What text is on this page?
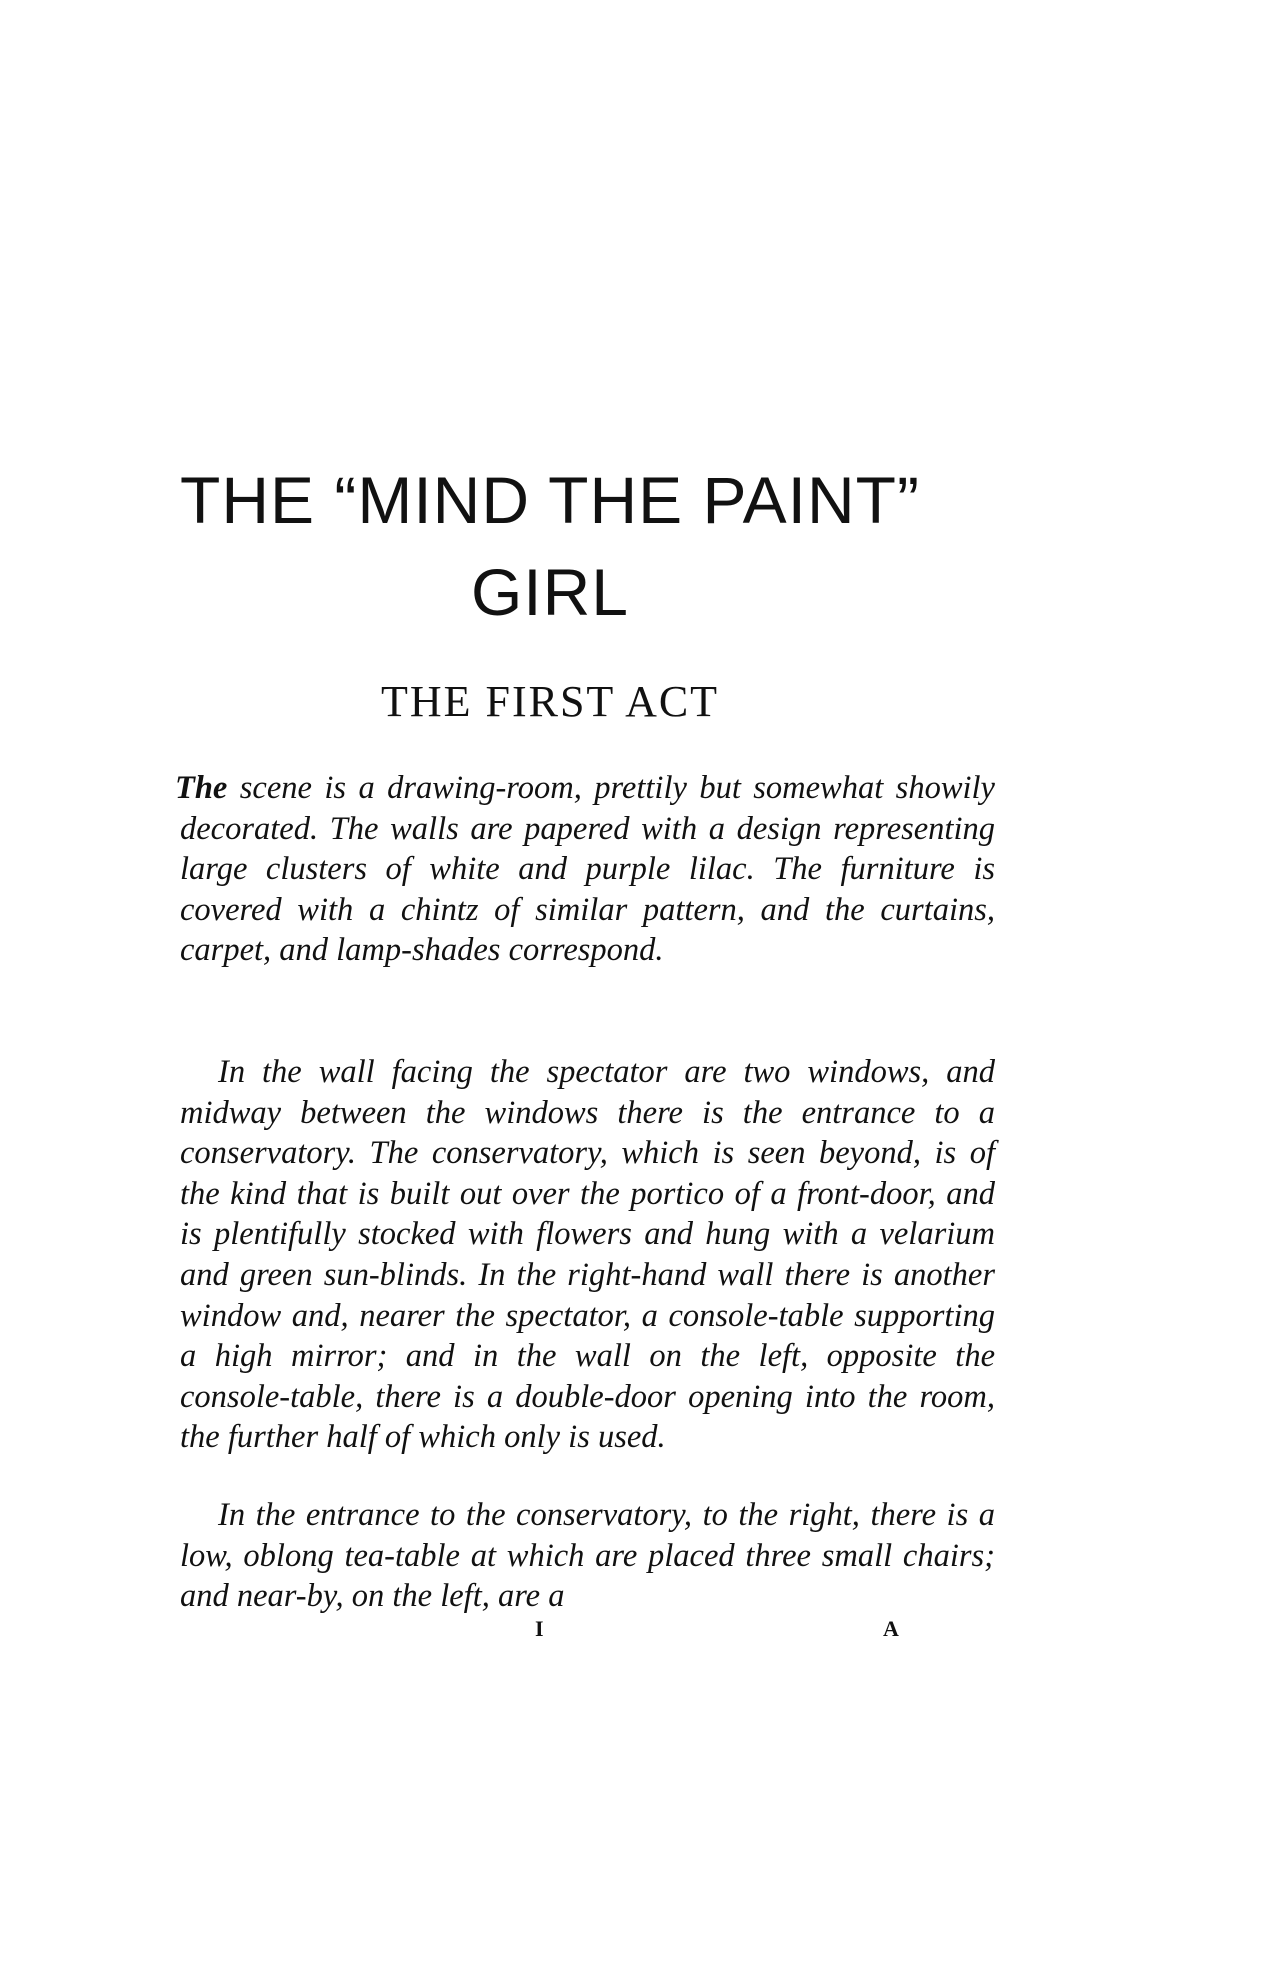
THE “MIND THE PAINT”
GIRL
THE FIRST ACT

The scene is a drawing-room, prettily but somewhat showily decorated. The walls are papered with a design representing large clusters of white and purple lilac. The furniture is covered with a chintz of similar pattern, and the curtains, carpet, and lamp-shades correspond.

In the wall facing the spectator are two windows, and midway between the windows there is the entrance to a conservatory. The conservatory, which is seen beyond, is of the kind that is built out over the portico of a front-door, and is plentifully stocked with flowers and hung with a velarium and green sun-blinds. In the right-hand wall there is another window and, nearer the spectator, a console-table supporting a high mirror; and in the wall on the left, opposite the console-table, there is a double-door opening into the room, the further half of which only is used.

In the entrance to the conservatory, to the right, there is a low, oblong tea-table at which are placed three small chairs; and near-by, on the left, are a

I	A
